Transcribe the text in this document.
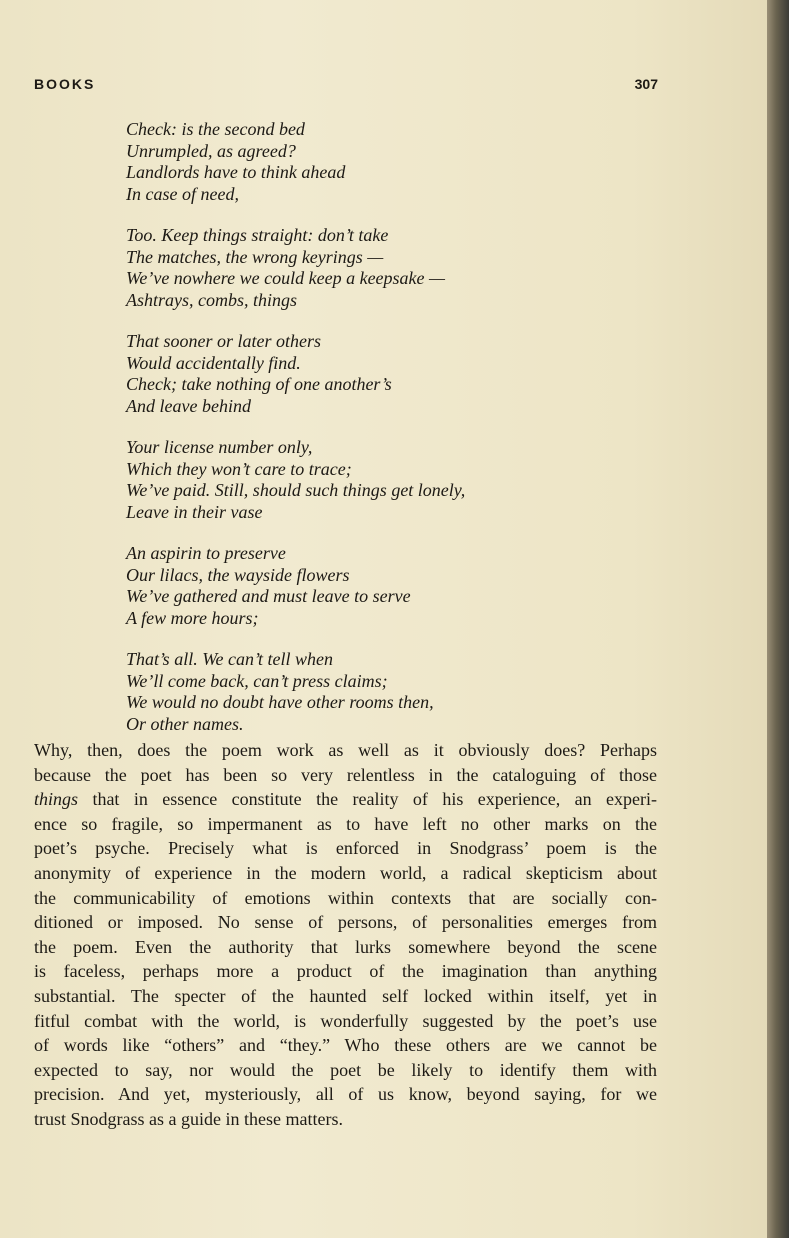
BOOKS	307
Check: is the second bed
Unrumpled, as agreed?
Landlords have to think ahead
In case of need,
Too. Keep things straight: don’t take
The matches, the wrong keyrings —
We’ve nowhere we could keep a keepsake —
Ashtrays, combs, things
That sooner or later others
Would accidentally find.
Check; take nothing of one another’s
And leave behind
Your license number only,
Which they won’t care to trace;
We’ve paid. Still, should such things get lonely,
Leave in their vase
An aspirin to preserve
Our lilacs, the wayside flowers
We’ve gathered and must leave to serve
A few more hours;
That’s all. We can’t tell when
We’ll come back, can’t press claims;
We would no doubt have other rooms then,
Or other names.
Why, then, does the poem work as well as it obviously does? Perhaps
because the poet has been so very relentless in the cataloguing of those
things that in essence constitute the reality of his experience, an experi-
ence so fragile, so impermanent as to have left no other marks on the
poet’s psyche. Precisely what is enforced in Snodgrass’ poem is the
anonymity of experience in the modern world, a radical skepticism about
the communicability of emotions within contexts that are socially con-
ditioned or imposed. No sense of persons, of personalities emerges from
the poem. Even the authority that lurks somewhere beyond the scene
is faceless, perhaps more a product of the imagination than anything
substantial. The specter of the haunted self locked within itself, yet in
fitful combat with the world, is wonderfully suggested by the poet’s use
of words like “others” and “they.” Who these others are we cannot be
expected to say, nor would the poet be likely to identify them with
precision. And yet, mysteriously, all of us know, beyond saying, for we
trust Snodgrass as a guide in these matters.
